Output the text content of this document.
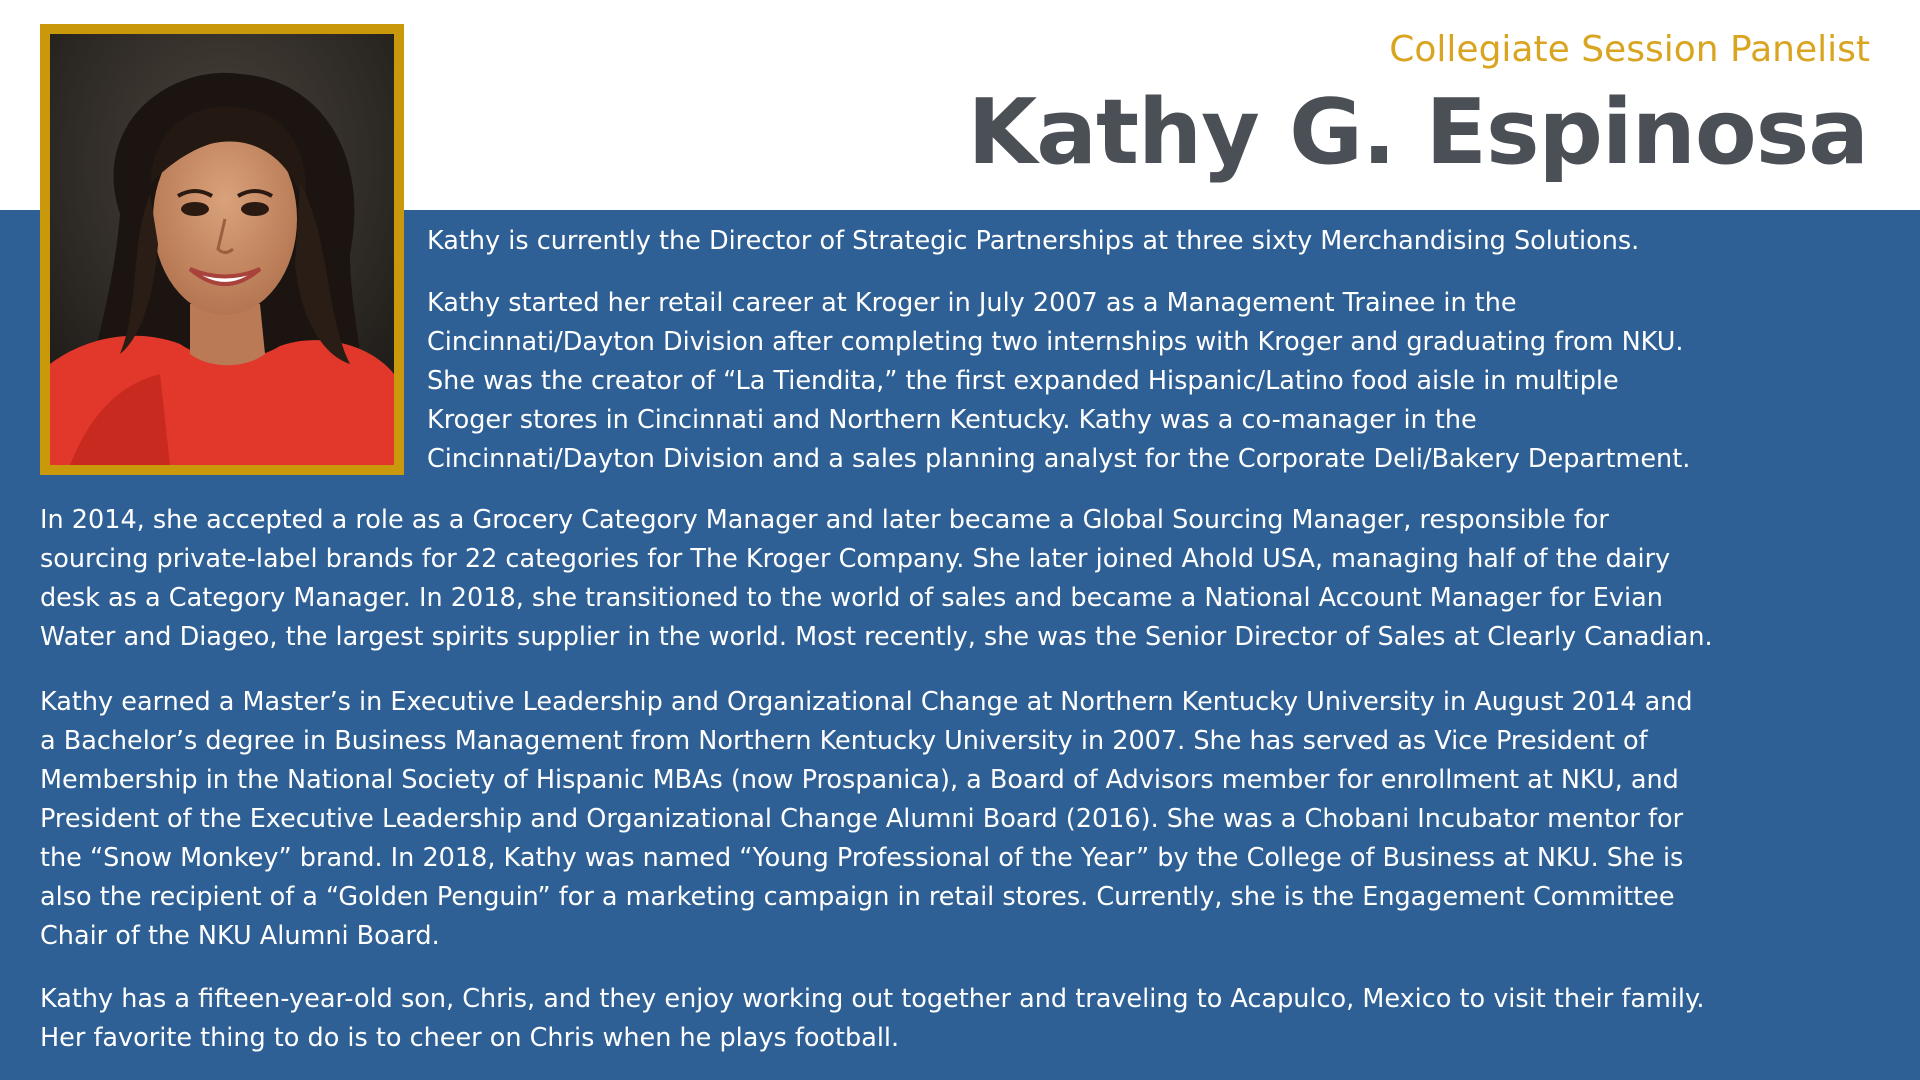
Collegiate Session Panelist
Kathy G. Espinosa
Kathy is currently the Director of Strategic Partnerships at three sixty Merchandising Solutions.
Kathy started her retail career at Kroger in July 2007 as a Management Trainee in the
Cincinnati/Dayton Division after completing two internships with Kroger and graduating from NKU.
She was the creator of “La Tiendita,” the first expanded Hispanic/Latino food aisle in multiple
Kroger stores in Cincinnati and Northern Kentucky. Kathy was a co-manager in the
Cincinnati/Dayton Division and a sales planning analyst for the Corporate Deli/Bakery Department.
In 2014, she accepted a role as a Grocery Category Manager and later became a Global Sourcing Manager, responsible for
sourcing private-label brands for 22 categories for The Kroger Company. She later joined Ahold USA, managing half of the dairy
desk as a Category Manager. In 2018, she transitioned to the world of sales and became a National Account Manager for Evian
Water and Diageo, the largest spirits supplier in the world. Most recently, she was the Senior Director of Sales at Clearly Canadian.
Kathy earned a Master’s in Executive Leadership and Organizational Change at Northern Kentucky University in August 2014 and
a Bachelor’s degree in Business Management from Northern Kentucky University in 2007. She has served as Vice President of
Membership in the National Society of Hispanic MBAs (now Prospanica), a Board of Advisors member for enrollment at NKU, and
President of the Executive Leadership and Organizational Change Alumni Board (2016). She was a Chobani Incubator mentor for
the “Snow Monkey” brand. In 2018, Kathy was named “Young Professional of the Year” by the College of Business at NKU. She is
also the recipient of a “Golden Penguin” for a marketing campaign in retail stores. Currently, she is the Engagement Committee
Chair of the NKU Alumni Board.
Kathy has a fifteen-year-old son, Chris, and they enjoy working out together and traveling to Acapulco, Mexico to visit their family.
Her favorite thing to do is to cheer on Chris when he plays football.
